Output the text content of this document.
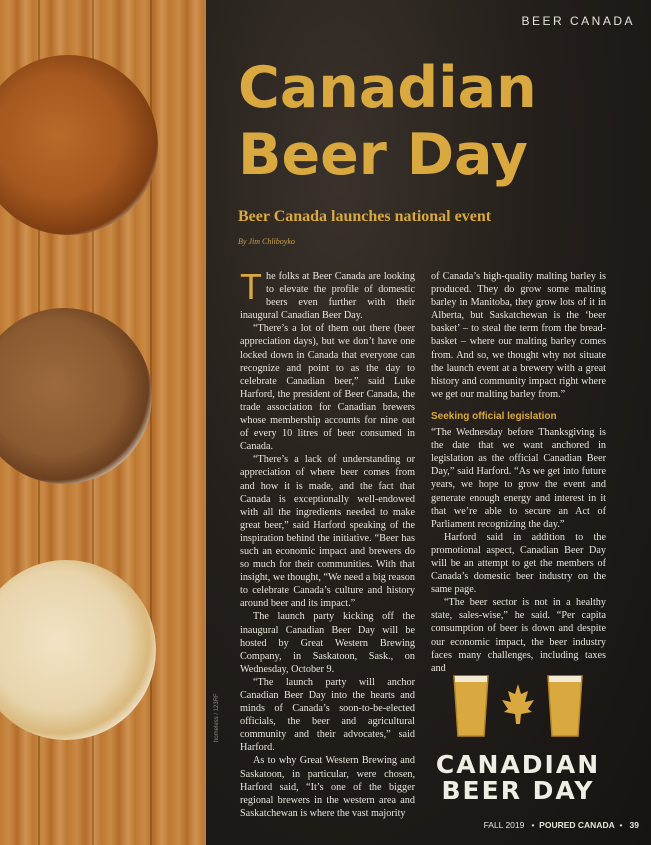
BEER CANADA
Canadian
Beer Day
Beer Canada launches national event
By Jim Chliboyko

The folks at Beer Canada are looking to elevate the profile of domestic beers even further with their inaugural Canadian Beer Day.

“There’s a lot of them out there (beer appreciation days), but we don’t have one locked down in Canada that everyone can recognize and point to as the day to celebrate Canadian beer,” said Luke Harford, the president of Beer Canada, the trade association for Canadian brewers whose membership accounts for nine out of every 10 litres of beer consumed in Canada.

“There’s a lack of understanding or appreciation of where beer comes from and how it is made, and the fact that Canada is exceptionally well-endowed with all the ingredients needed to make great beer,” said Harford speaking of the inspiration behind the initiative. “Beer has such an economic impact and brewers do so much for their communities. With that insight, we thought, “We need a big reason to celebrate Canada’s culture and history around beer and its impact.”

The launch party kicking off the inaugural Canadian Beer Day will be hosted by Great Western Brewing Company, in Saskatoon, Sask., on Wednesday, October 9.

“The launch party will anchor Canadian Beer Day into the hearts and minds of Canada’s soon-to-be-elected officials, the beer and agricultural community and their advocates,” said Harford.

As to why Great Western Brewing and Saskatoon, in particular, were chosen, Harford said, “It’s one of the bigger regional brewers in the western area and Saskatchewan is where the vast majority

of Canada’s high-quality malting barley is produced. They do grow some malting barley in Manitoba, they grow lots of it in Alberta, but Saskatchewan is the ‘beer basket’ – to steal the term from the bread-basket – where our malting barley comes from. And so, we thought why not situate the launch event at a brewery with a great history and community impact right where we get our malting barley from.”

Seeking official legislation

“The Wednesday before Thanksgiving is the date that we want anchored in legislation as the official Canadian Beer Day,” said Harford. “As we get into future years, we hope to grow the event and generate enough energy and interest in it that we’re able to secure an Act of Parliament recognizing the day.”

Harford said in addition to the promotional aspect, Canadian Beer Day will be an attempt to get the members of Canada’s domestic beer industry on the same page.

“The beer sector is not in a healthy state, sales-wise,” he said. “Per capita consumption of beer is down and despite our economic impact, the beer industry faces many challenges, including taxes and

homeless / 123RF
CANADIAN
BEER DAY
FALL 2019   •  POURED CANADA  •   39
